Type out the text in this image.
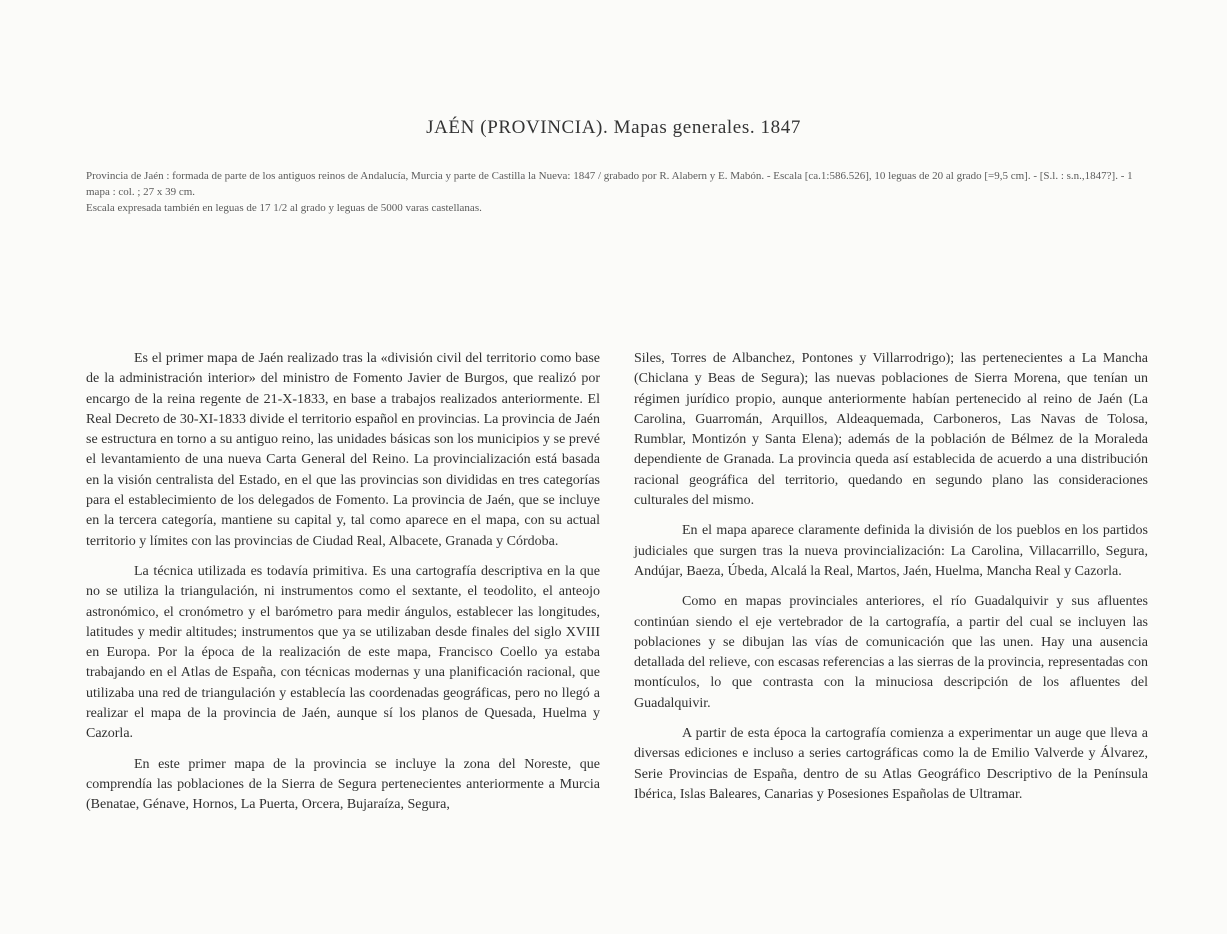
JAÉN (PROVINCIA). Mapas generales. 1847

Provincia de Jaén : formada de parte de los antiguos reinos de Andalucía, Murcia y parte de Castilla la Nueva: 1847 / grabado por R. Alabern y E. Mabón. - Escala [ca.1:586.526], 10 leguas de 20 al grado [=9,5 cm]. - [S.l. : s.n.,1847?]. - 1 mapa : col. ; 27 x 39 cm.

Escala expresada también en leguas de 17 1/2 al grado y leguas de 5000 varas castellanas.

Es el primer mapa de Jaén realizado tras la «división civil del territorio como base de la administración interior» del ministro de Fomento Javier de Burgos, que realizó por encargo de la reina regente de 21-X-1833, en base a trabajos realizados anteriormente. El Real Decreto de 30-XI-1833 divide el territorio español en provincias. La provincia de Jaén se estructura en torno a su antiguo reino, las unidades básicas son los municipios y se prevé el levantamiento de una nueva Carta General del Reino. La provincialización está basada en la visión centralista del Estado, en el que las provincias son divididas en tres categorías para el establecimiento de los delegados de Fomento. La provincia de Jaén, que se incluye en la tercera categoría, mantiene su capital y, tal como aparece en el mapa, con su actual territorio y límites con las provincias de Ciudad Real, Albacete, Granada y Córdoba.

La técnica utilizada es todavía primitiva. Es una cartografía descriptiva en la que no se utiliza la triangulación, ni instrumentos como el sextante, el teodolito, el anteojo astronómico, el cronómetro y el barómetro para medir ángulos, establecer las longitudes, latitudes y medir altitudes; instrumentos que ya se utilizaban desde finales del siglo XVIII en Europa. Por la época de la realización de este mapa, Francisco Coello ya estaba trabajando en el Atlas de España, con técnicas modernas y una planificación racional, que utilizaba una red de triangulación y establecía las coordenadas geográficas, pero no llegó a realizar el mapa de la provincia de Jaén, aunque sí los planos de Quesada, Huelma y Cazorla.

En este primer mapa de la provincia se incluye la zona del Noreste, que comprendía las poblaciones de la Sierra de Segura pertenecientes anteriormente a Murcia (Benatae, Génave, Hornos, La Puerta, Orcera, Bujaraíza, Segura,

Siles, Torres de Albanchez, Pontones y Villarrodrigo); las pertenecientes a La Mancha (Chiclana y Beas de Segura); las nuevas poblaciones de Sierra Morena, que tenían un régimen jurídico propio, aunque anteriormente habían pertenecido al reino de Jaén (La Carolina, Guarromán, Arquillos, Aldeaquemada, Carboneros, Las Navas de Tolosa, Rumblar, Montizón y Santa Elena); además de la población de Bélmez de la Moraleda dependiente de Granada. La provincia queda así establecida de acuerdo a una distribución racional geográfica del territorio, quedando en segundo plano las consideraciones culturales del mismo.

En el mapa aparece claramente definida la división de los pueblos en los partidos judiciales que surgen tras la nueva provincialización: La Carolina, Villacarrillo, Segura, Andújar, Baeza, Úbeda, Alcalá la Real, Martos, Jaén, Huelma, Mancha Real y Cazorla.

Como en mapas provinciales anteriores, el río Guadalquivir y sus afluentes continúan siendo el eje vertebrador de la cartografía, a partir del cual se incluyen las poblaciones y se dibujan las vías de comunicación que las unen. Hay una ausencia detallada del relieve, con escasas referencias a las sierras de la provincia, representadas con montículos, lo que contrasta con la minuciosa descripción de los afluentes del Guadalquivir.

A partir de esta época la cartografía comienza a experimentar un auge que lleva a diversas ediciones e incluso a series cartográficas como la de Emilio Valverde y Álvarez, Serie Provincias de España, dentro de su Atlas Geográfico Descriptivo de la Península Ibérica, Islas Baleares, Canarias y Posesiones Españolas de Ultramar.
